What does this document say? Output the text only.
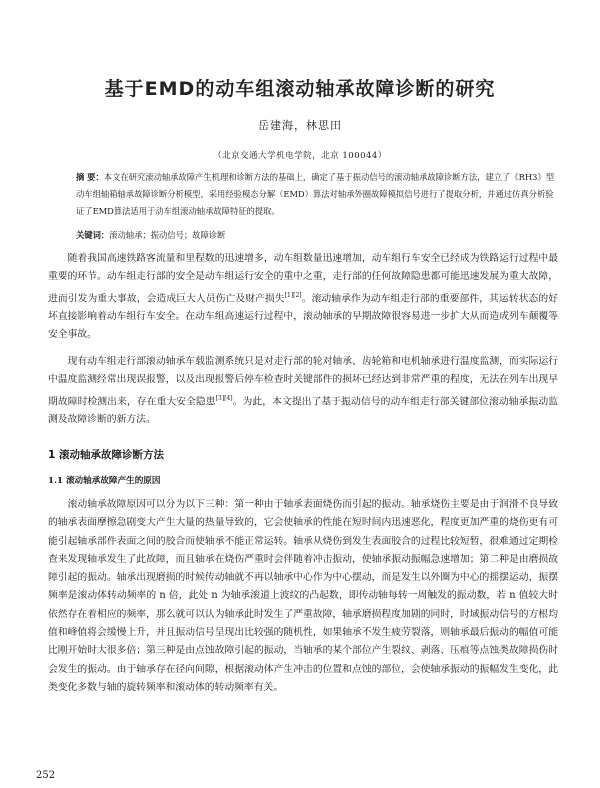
基于EMD的动车组滚动轴承故障诊断的研究
岳建海，林思田
（北京交通大学机电学院，北京 100044）
摘 要：本文在研究滚动轴承故障产生机理和诊断方法的基础上，确定了基于振动信号的滚动轴承故障诊断方法，建立了《RH3》型动车组轴箱轴承故障诊断分析模型，采用经验模态分解（EMD）算法对轴承外圈故障模拟信号进行了提取分析，并通过仿真分析验证了EMD算法适用于动车组滚动轴承故障特征的提取。
关键词：滚动轴承；振动信号；故障诊断
随着我国高速铁路客流量和里程数的迅速增多，动车组数量迅速增加，动车组行车安全已经成为铁路运行过程中最重要的环节。动车组走行部的安全是动车组运行安全的重中之重，走行部的任何故障隐患都可能迅速发展为重大故障，进而引发为重大事故，会造成巨大人员伤亡及财产损失[1][2]。滚动轴承作为动车组走行部的重要部件，其运转状态的好坏直接影响着动车组行车安全。在动车组高速运行过程中，滚动轴承的早期故障很容易进一步扩大从而造成列车颠覆等安全事故。
现有动车组走行部滚动轴承车载监测系统只是对走行部的轮对轴承、齿轮箱和电机轴承进行温度监测，而实际运行中温度监测经常出现误报警，以及出现报警后停车检查时关键部件的损坏已经达到非常严重的程度，无法在列车出现早期故障时检测出来，存在重大安全隐患[3][4]。为此，本文提出了基于振动信号的动车组走行部关键部位滚动轴承振动监测及故障诊断的新方法。
1 滚动轴承故障诊断方法
1.1 滚动轴承故障产生的原因
滚动轴承故障原因可以分为以下三种：第一种由于轴承表面烧伤而引起的振动。轴承烧伤主要是由于润滑不良导致的轴承表面摩擦急剧变大产生大量的热量导致的，它会使轴承的性能在短时间内迅速恶化，程度更加严重的烧伤更有可能引起轴承部件表面之间的胶合而使轴承不能正常运转。轴承从烧伤到发生表面胶合的过程比较短暂，很难通过定期检查来发现轴承发生了此故障，而且轴承在烧伤严重时会伴随着冲击振动，使轴承振动振幅急速增加；第二种是由磨损故障引起的振动。轴承出现磨损的时候传动轴就不再以轴承中心作为中心摆动，而是发生以外圈为中心的摇摆运动，振摆频率是滚动体转动频率的 n 倍，此处 n 为轴承滚道上波纹的凸起数，即传动轴每转一周触发的振动数，若 n 值较大时依然存在着相应的频率，那么就可以认为轴承此时发生了严重故障，轴承磨损程度加剧的同时，时域振动信号的方根均值和峰值将会缓慢上升，并且振动信号呈现出比较强的随机性，如果轴承不发生疲劳裂落，则轴承最后振动的幅值可能比刚开始时大很多倍；第三种是由点蚀故障引起的振动，当轴承的某个部位产生裂纹、剥落、压痕等点蚀类故障损伤时会发生的振动。由于轴承存在径向间隙，根据滚动体产生冲击的位置和点蚀的部位，会使轴承振动的振幅发生变化，此类变化多数与轴的旋转频率和滚动体的转动频率有关。
252
